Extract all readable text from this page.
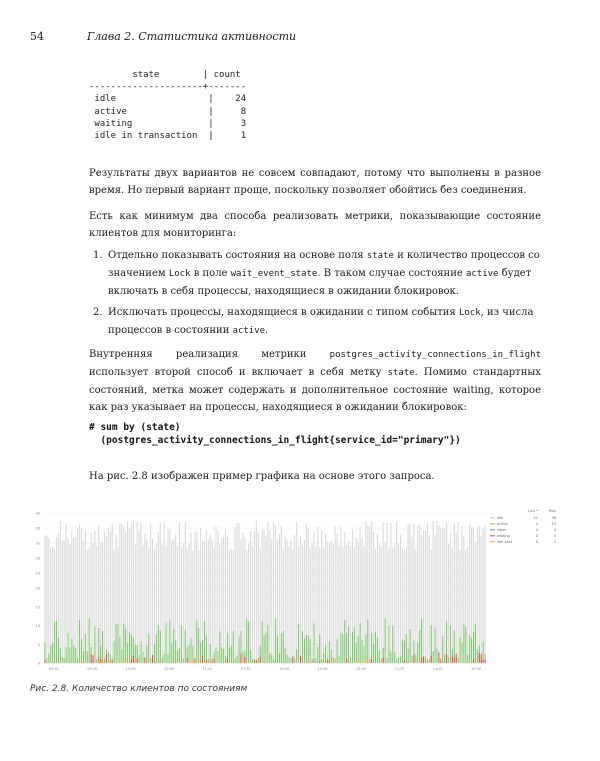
54	Глава 2. Статистика активности
state        | count
---------------------+-------
idle                 |    24
active               |     8
waiting              |     3
idle in transaction  |     1

Результаты двух вариантов не совсем совпадают, потому что выполнены в разное время. Но первый вариант проще, поскольку позволяет обойтись без соединения.

Есть как минимум два способа реализовать метрики, показывающие состояние клиентов для мониторинга:

1. Отдельно показывать состояния на основе поля state и количество процессов со значением Lock в поле wait_event_state. В таком случае состояние active будет включать в себя процессы, находящиеся в ожидании блокировок.
2. Исключать процессы, находящиеся в ожидании с типом события Lock, из числа процессов в состоянии active.

Внутренняя реализация метрики postgres_activity_connections_in_flight использует второй способ и включает в себя метку state. Помимо стандартных состояний, метка может содержать и дополнительное состояние waiting, которое как раз указывает на процессы, находящиеся в ожидании блокировок:

# sum by (state)
(postgres_activity_connections_in_flight{service_id="primary"})

На рис. 2.8 изображен пример графика на основе этого запроса.

0
5
10
15
20
24
28
32
36
40
09:00	09:30	10:00	10:30	11:00	11:30	12:00	12:30	13:00	13:30	14:00	14:30
Last *	Max
idle	21	36
active	4	23
clean	4	4
waiting	0	3
idle xact	0	2
Рис. 2.8. Количество клиентов по состояниям
